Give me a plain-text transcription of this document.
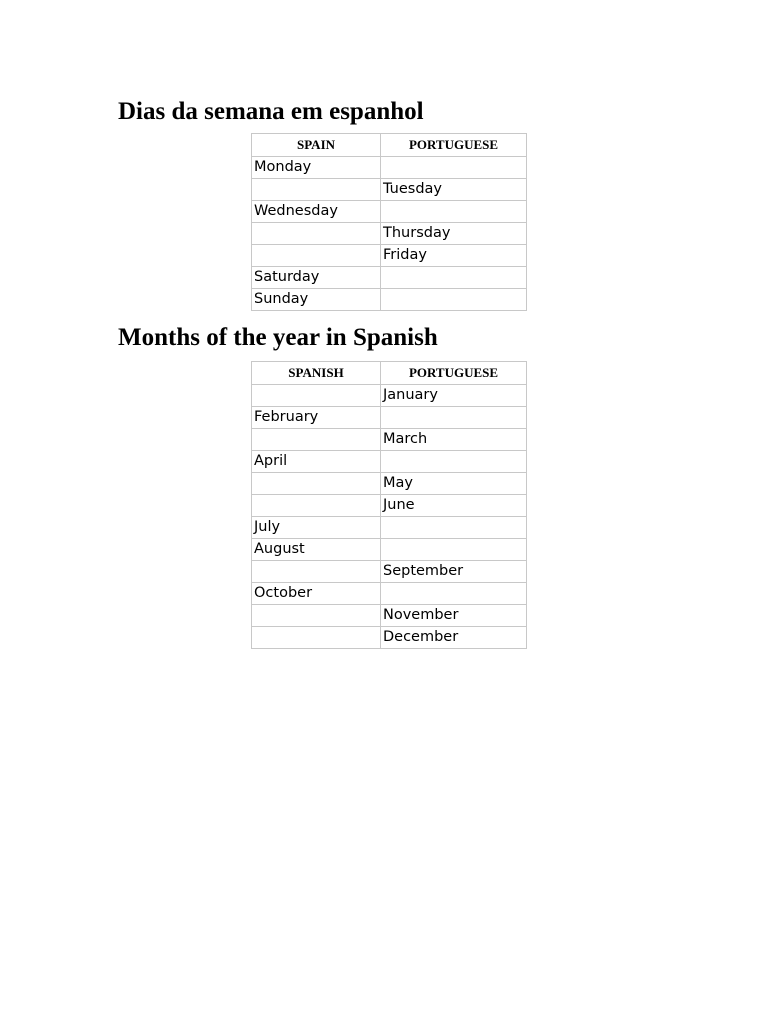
Dias da semana em espanhol
SPAIN	PORTUGUESE
Monday	
	Tuesday
Wednesday	
	Thursday
	Friday
Saturday	
Sunday	
Months of the year in Spanish
SPANISH	PORTUGUESE
	January
February	
	March
April	
	May
	June
July	
August	
	September
October	
	November
	December
